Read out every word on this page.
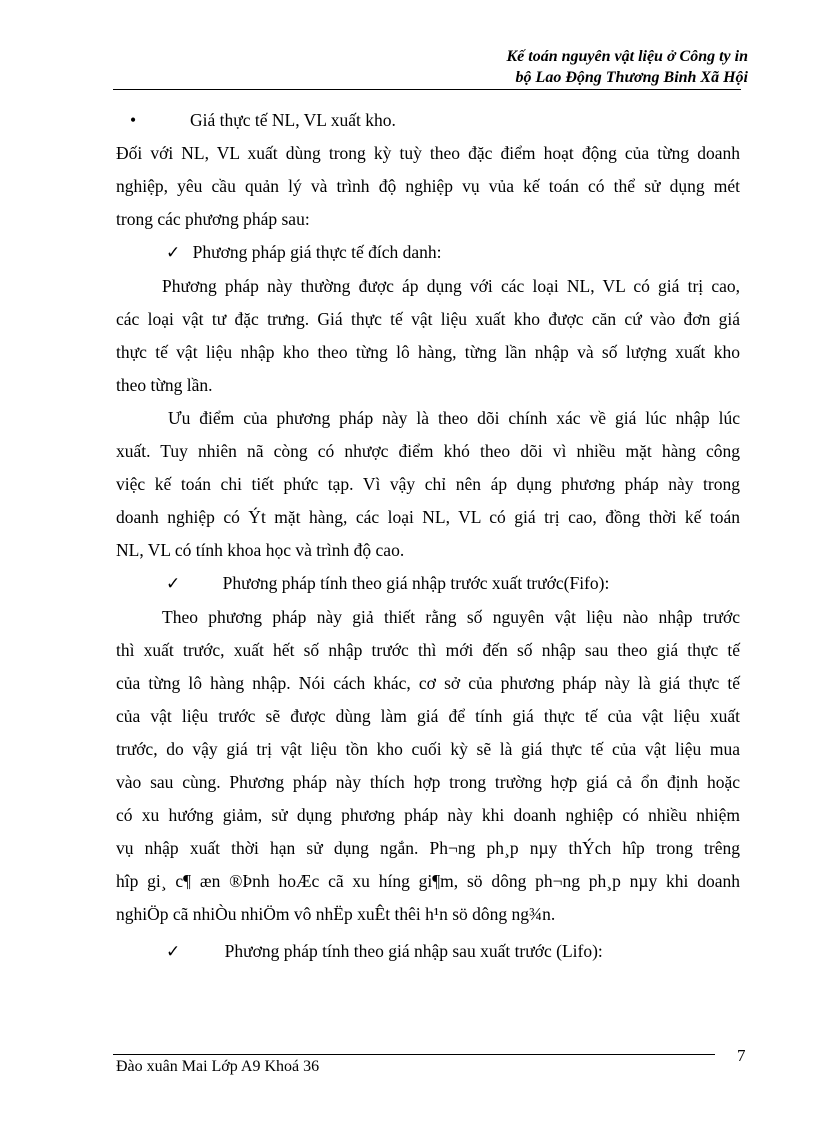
Kế toán nguyên vật liệu ở Công ty in
bộ Lao Động Thương Binh Xã Hội
•	Giá thực tế NL, VL xuất kho.
Đối với NL, VL xuất dùng trong kỳ tuỳ theo đặc điểm hoạt động của từng doanh
nghiệp, yêu cầu quản lý và trình độ nghiệp vụ vủa kế toán có thể sử dụng mét
trong các phương pháp sau:
✓ Phương pháp giá thực tế đích danh:
Phương pháp này thường được áp dụng với các loại NL, VL có giá trị cao,
các loại vật tư đặc trưng. Giá thực tế vật liệu xuất kho được căn cứ vào đơn giá
thực tế vật liệu nhập kho theo từng lô hàng, từng lần nhập và số lượng xuất kho
theo từng lần.
Ưu điểm của phương pháp này là theo dõi chính xác về giá lúc nhập lúc
xuất. Tuy nhiên nã còng có nhược điểm khó theo dõi vì nhiều mặt hàng công
việc kế toán chi tiết phức tạp. Vì vậy chỉ nên áp dụng phương pháp này trong
doanh nghiệp có Ýt mặt hàng, các loại NL, VL có giá trị cao, đồng thời kế toán
NL, VL có tính khoa học và trình độ cao.
✓ Phương pháp tính theo giá nhập trước xuất trước(Fifo):
Theo phương pháp này giả thiết rằng số nguyên vật liệu nào nhập trước
thì xuất trước, xuất hết số nhập trước thì mới đến số nhập sau theo giá thực tế
của từng lô hàng nhập. Nói cách khác, cơ sở của phương pháp này là giá thực tế
của vật liệu trước sẽ được dùng làm giá để tính giá thực tế của vật liệu xuất
trước, do vậy giá trị vật liệu tồn kho cuối kỳ sẽ là giá thực tế của vật liệu mua
vào sau cùng. Phương pháp này thích hợp trong trường hợp giá cả ổn định hoặc
có xu hướng giảm, sử dụng phương pháp này khi doanh nghiệp có nhiều nhiệm
vụ nhập xuất thời hạn sử dụng ngắn. Ph¬ng ph¸p nµy thÝch hîp trong trêng
hîp gi¸ c¶ æn ®Þnh hoÆc cã xu híng gi¶m, sö dông ph¬ng ph¸p nµy khi doanh
nghiÖp cã nhiÒu nhiÖm vô nhËp xuÊt thêi h¹n sö dông ng¾n.
✓	Phương pháp tính theo giá nhập sau xuất trước (Lifo):
Đào xuân Mai Lớp A9 Khoá 36
7
